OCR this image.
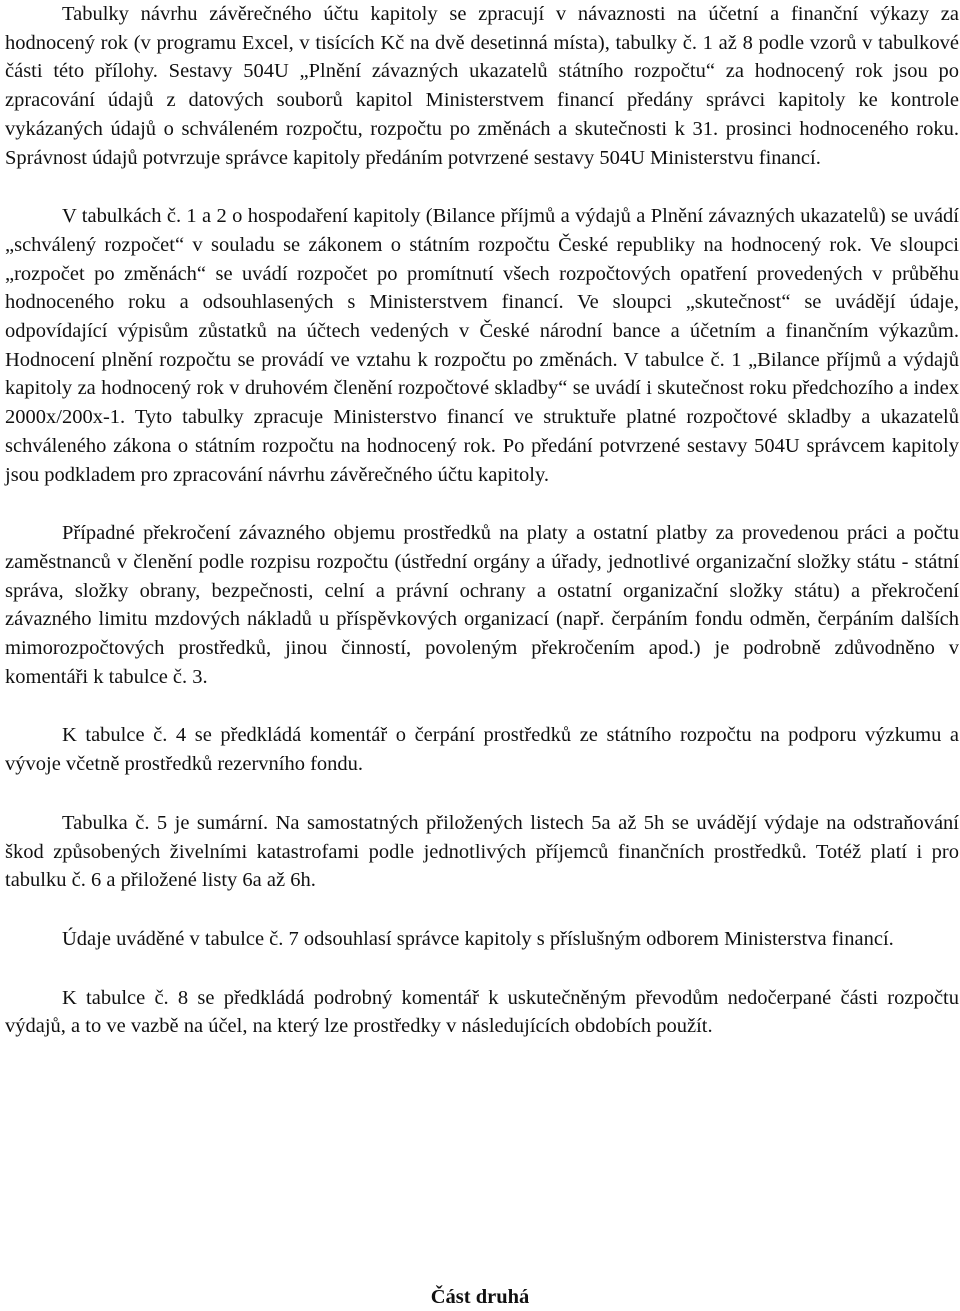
Tabulky návrhu závěrečného účtu kapitoly se zpracují v návaznosti na účetní a finanční výkazy za hodnocený rok (v programu Excel, v tisících Kč na dvě desetinná místa), tabulky č. 1 až 8 podle vzorů v tabulkové části této přílohy. Sestavy 504U „Plnění závazných ukazatelů státního rozpočtu“ za hodnocený rok jsou po zpracování údajů z datových souborů kapitol Ministerstvem financí předány správci kapitoly ke kontrole vykázaných údajů o schváleném rozpočtu, rozpočtu po změnách a skutečnosti k 31. prosinci hodnoceného roku. Správnost údajů potvrzuje správce kapitoly předáním potvrzené sestavy 504U Ministerstvu financí.

V tabulkách č. 1 a 2 o hospodaření kapitoly (Bilance příjmů a výdajů a Plnění závazných ukazatelů) se uvádí „schválený rozpočet“ v souladu se zákonem o státním rozpočtu České republiky na hodnocený rok. Ve sloupci „rozpočet po změnách“ se uvádí rozpočet po promítnutí všech rozpočtových opatření provedených v průběhu hodnoceného roku a odsouhlasených s Ministerstvem financí. Ve sloupci „skutečnost“ se uvádějí údaje, odpovídající výpisům zůstatků na účtech vedených v České národní bance a účetním a finančním výkazům. Hodnocení plnění rozpočtu se provádí ve vztahu k rozpočtu po změnách. V tabulce č. 1 „Bilance příjmů a výdajů kapitoly za hodnocený rok v druhovém členění rozpočtové skladby“ se uvádí i skutečnost roku předchozího a index 2000x/200x-1. Tyto tabulky zpracuje Ministerstvo financí ve struktuře platné rozpočtové skladby a ukazatelů schváleného zákona o státním rozpočtu na hodnocený rok. Po předání potvrzené sestavy 504U správcem kapitoly jsou podkladem pro zpracování návrhu závěrečného účtu kapitoly.

Případné překročení závazného objemu prostředků na platy a ostatní platby za provedenou práci a počtu zaměstnanců v členění podle rozpisu rozpočtu (ústřední orgány a úřady, jednotlivé organizační složky státu - státní správa, složky obrany, bezpečnosti, celní a právní ochrany a ostatní organizační složky státu) a překročení závazného limitu mzdových nákladů u příspěvkových organizací (např. čerpáním fondu odměn, čerpáním dalších mimorozpočtových prostředků, jinou činností, povoleným překročením apod.) je podrobně zdůvodněno v komentáři k tabulce č. 3.

K tabulce č. 4 se předkládá komentář o čerpání prostředků ze státního rozpočtu na podporu výzkumu a vývoje včetně prostředků rezervního fondu.

Tabulka č. 5 je sumární. Na samostatných přiložených listech 5a až 5h se uvádějí výdaje na odstraňování škod způsobených živelními katastrofami podle jednotlivých příjemců finančních prostředků. Totéž platí i pro tabulku č. 6 a přiložené listy 6a až 6h.

Údaje uváděné v tabulce č. 7 odsouhlasí správce kapitoly s příslušným odborem Ministerstva financí.

K tabulce č. 8 se předkládá podrobný komentář k uskutečněným převodům nedočerpané části rozpočtu výdajů, a to ve vazbě na účel, na který lze prostředky v následujících obdobích použít.

Část druhá
